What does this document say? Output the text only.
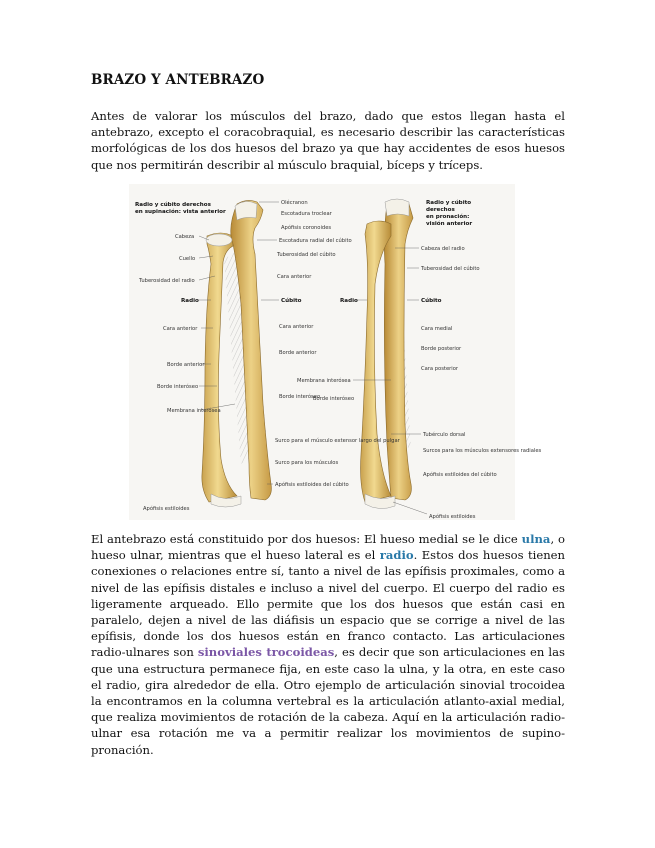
BRAZO Y ANTEBRAZO

Antes de valorar los músculos del brazo, dado que estos llegan hasta el antebrazo, excepto el coracobraquial, es necesario describir las características morfológicas de los dos huesos del brazo ya que hay accidentes de esos huesos que nos permitirán describir al músculo braquial, bíceps y tríceps.

Radio y cúbito derechos
en supinación: vista anterior
Radio y cúbito
derechos
en pronación:
visión anterior
Cabeza
Cuello
Tuberosidad del radio
Radio
Cara anterior
Borde anterior
Borde interóseo
Membrana interósea
Apófisis estiloides
Olécranon
Escotadura troclear
Apófisis coronoides
Escotadura radial del cúbito
Tuberosidad del cúbito
Cara anterior
Cúbito
Cara anterior
Borde anterior
Borde interóseo
Surco para el músculo extensor largo del pulgar
Surco para los músculos
Apófisis estiloides del cúbito
Radio
Cabeza del radio
Tuberosidad del cúbito
Cúbito
Cara medial
Borde posterior
Cara posterior
Membrana interósea
Borde interóseo
Tubérculo dorsal
Surcos para los músculos extensores radiales
Apófisis estiloides del cúbito
Apófisis estiloides

El antebrazo está constituido por dos huesos: El hueso medial se le dice ulna, o hueso ulnar, mientras que el hueso lateral es el radio. Estos dos huesos tienen conexiones o relaciones entre sí, tanto a nivel de las epífisis proximales, como a nivel de las epífisis distales e incluso a nivel del cuerpo. El cuerpo del radio es ligeramente arqueado. Ello permite que los dos huesos que están casi en paralelo, dejen a nivel de las diáfisis un espacio que se corrige a nivel de las epífisis, donde los dos huesos están en franco contacto. Las articulaciones radio-ulnares son sinoviales trocoideas, es decir que son articulaciones en las que una estructura permanece fija, en este caso la ulna, y la otra, en este caso el radio, gira alrededor de ella. Otro ejemplo de articulación sinovial trocoidea la encontramos en la columna vertebral es la articulación atlanto-axial medial, que realiza movimientos de rotación de la cabeza. Aquí en la articulación radio-ulnar esa rotación me va a permitir realizar los movimientos de supino-pronación.
